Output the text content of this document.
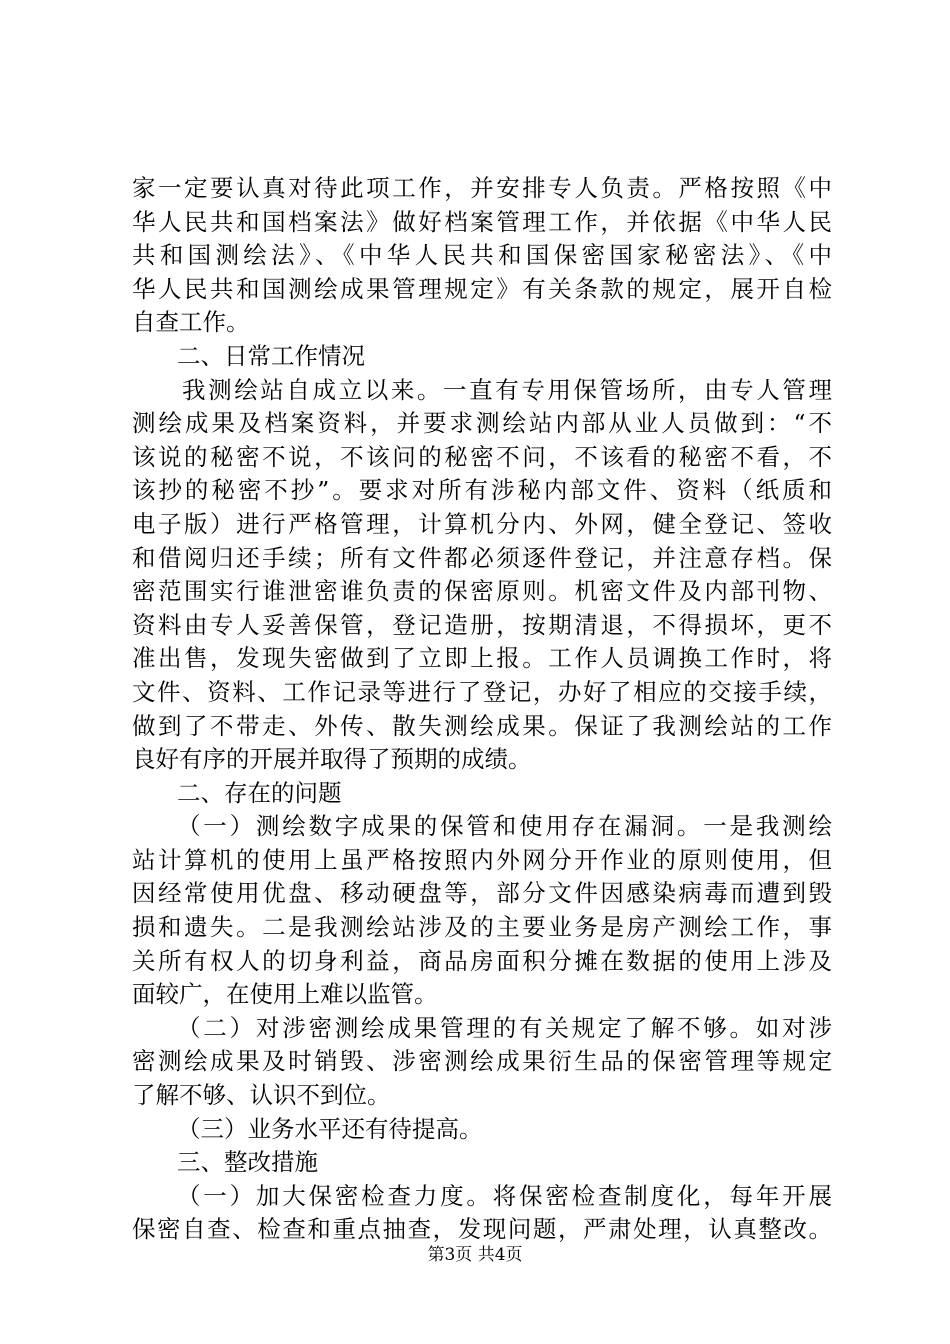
家一定要认真对待此项工作，并安排专人负责。严格按照《中
华人民共和国档案法》做好档案管理工作，并依据《中华人民
共和国测绘法》、《中华人民共和国保密国家秘密法》、《中
华人民共和国测绘成果管理规定》有关条款的规定，展开自检
自查工作。
二、日常工作情况
我测绘站自成立以来。一直有专用保管场所，由专人管理
测绘成果及档案资料，并要求测绘站内部从业人员做到：“不
该说的秘密不说，不该问的秘密不问，不该看的秘密不看，不
该抄的秘密不抄”。要求对所有涉秘内部文件、资料（纸质和
电子版）进行严格管理，计算机分内、外网，健全登记、签收
和借阅归还手续；所有文件都必须逐件登记，并注意存档。保
密范围实行谁泄密谁负责的保密原则。机密文件及内部刊物、
资料由专人妥善保管，登记造册，按期清退，不得损坏，更不
准出售，发现失密做到了立即上报。工作人员调换工作时，将
文件、资料、工作记录等进行了登记，办好了相应的交接手续，
做到了不带走、外传、散失测绘成果。保证了我测绘站的工作
良好有序的开展并取得了预期的成绩。
二、存在的问题
（一）测绘数字成果的保管和使用存在漏洞。一是我测绘
站计算机的使用上虽严格按照内外网分开作业的原则使用，但
因经常使用优盘、移动硬盘等，部分文件因感染病毒而遭到毁
损和遗失。二是我测绘站涉及的主要业务是房产测绘工作，事
关所有权人的切身利益，商品房面积分摊在数据的使用上涉及
面较广，在使用上难以监管。
（二）对涉密测绘成果管理的有关规定了解不够。如对涉
密测绘成果及时销毁、涉密测绘成果衍生品的保密管理等规定
了解不够、认识不到位。
（三）业务水平还有待提高。
三、整改措施
（一）加大保密检查力度。将保密检查制度化，每年开展
保密自查、检查和重点抽查，发现问题，严肃处理，认真整改。
第3页 共4页
